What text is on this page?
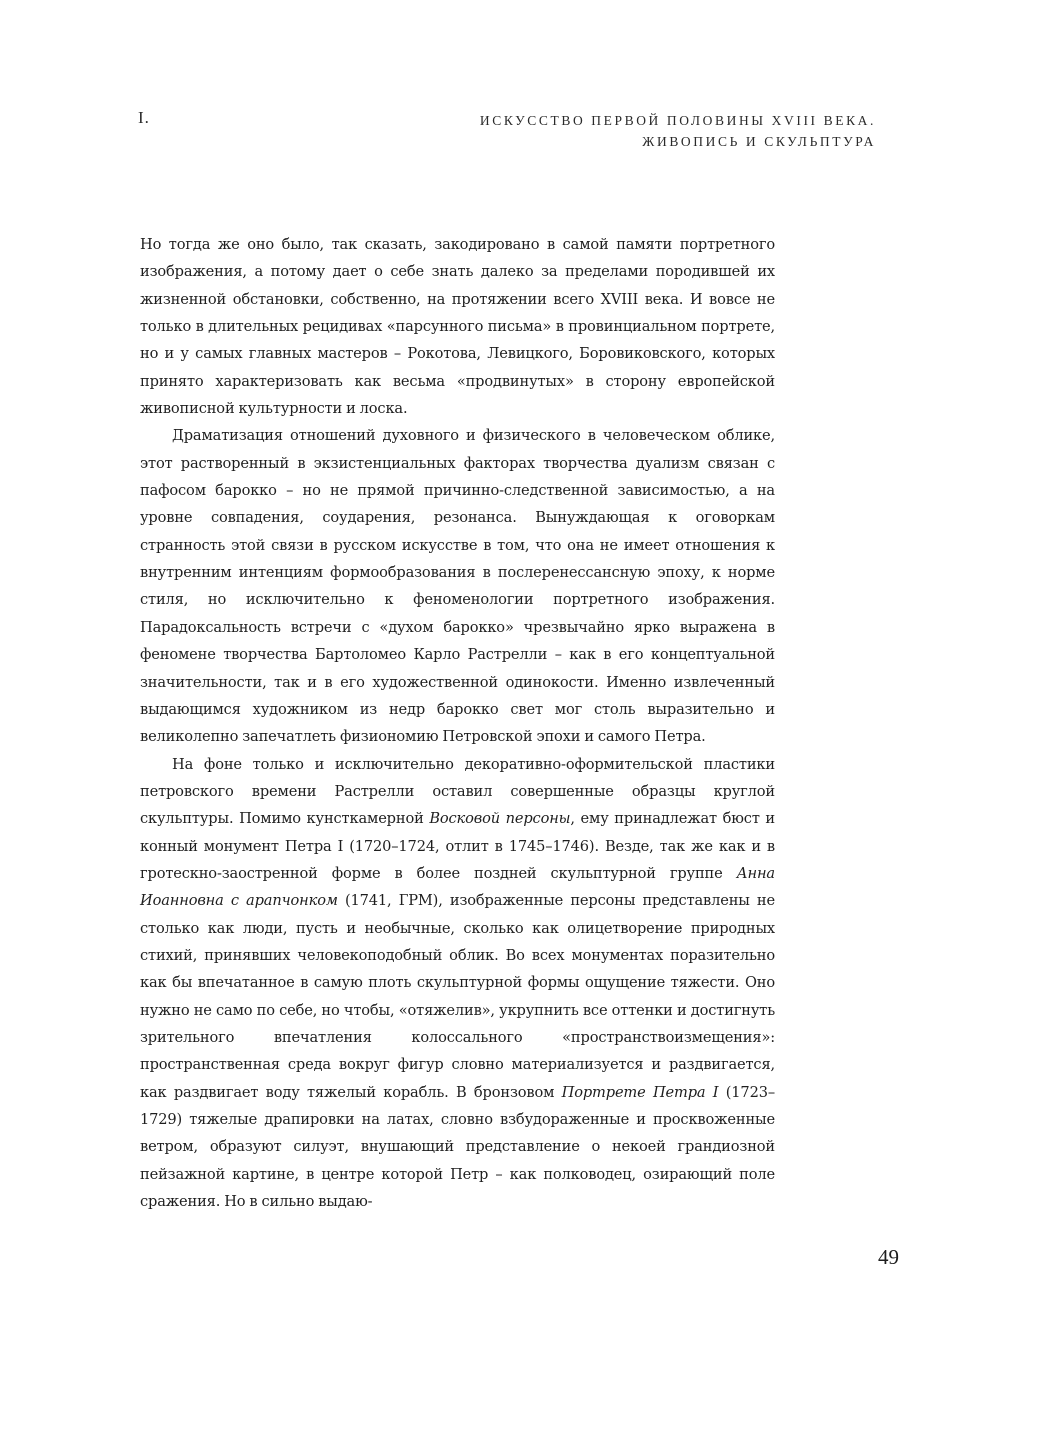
I.	ИСКУССТВО ПЕРВОЙ ПОЛОВИНЫ XVIII ВЕКА.
ЖИВОПИСЬ И СКУЛЬПТУРА

Но тогда же оно было, так сказать, закодировано в самой памяти портретного изображения, а потому дает о себе знать далеко за пределами породившей их жизненной обстановки, собственно, на протяжении всего XVIII века. И вовсе не только в длительных рецидивах «парсунного письма» в провинциальном портрете, но и у самых главных мастеров – Рокотова, Левицкого, Боровиковского, которых принято характеризовать как весьма «продвинутых» в сторону европейской живописной культурности и лоска.

Драматизация отношений духовного и физического в человеческом облике, этот растворенный в экзистенциальных факторах творчества дуализм связан с пафосом барокко – но не прямой причинно-следственной зависимостью, а на уровне совпадения, соударения, резонанса. Вынуждающая к оговоркам странность этой связи в русском искусстве в том, что она не имеет отношения к внутренним интенциям формообразования в послеренессансную эпоху, к норме стиля, но исключительно к феноменологии портретного изображения. Парадоксальность встречи с «духом барокко» чрезвычайно ярко выражена в феномене творчества Бартоломео Карло Растрелли – как в его концептуальной значительности, так и в его художественной одинокости. Именно извлеченный выдающимся художником из недр барокко свет мог столь выразительно и великолепно запечатлеть физиономию Петровской эпохи и самого Петра.

На фоне только и исключительно декоративно-оформительской пластики петровского времени Растрелли оставил совершенные образцы круглой скульптуры. Помимо кунсткамерной Восковой персоны, ему принадлежат бюст и конный монумент Петра I (1720–1724, отлит в 1745–1746). Везде, так же как и в гротескно-заостренной форме в более поздней скульптурной группе Анна Иоанновна с арапчонком (1741, ГРМ), изображенные персоны представлены не столько как люди, пусть и необычные, сколько как олицетворение природных стихий, принявших человекоподобный облик. Во всех монументах поразительно как бы впечатанное в самую плоть скульптурной формы ощущение тяжести. Оно нужно не само по себе, но чтобы, «отяжелив», укрупнить все оттенки и достигнуть зрительного впечатления колоссального «пространствоизмещения»: пространственная среда вокруг фигур словно материализуется и раздвигается, как раздвигает воду тяжелый корабль. В бронзовом Портрете Петра I (1723–1729) тяжелые драпировки на латах, словно взбудораженные и просквоженные ветром, образуют силуэт, внушающий представление о некоей грандиозной пейзажной картине, в центре которой Петр – как полководец, озирающий поле сражения. Но в сильно выдаю-

49
